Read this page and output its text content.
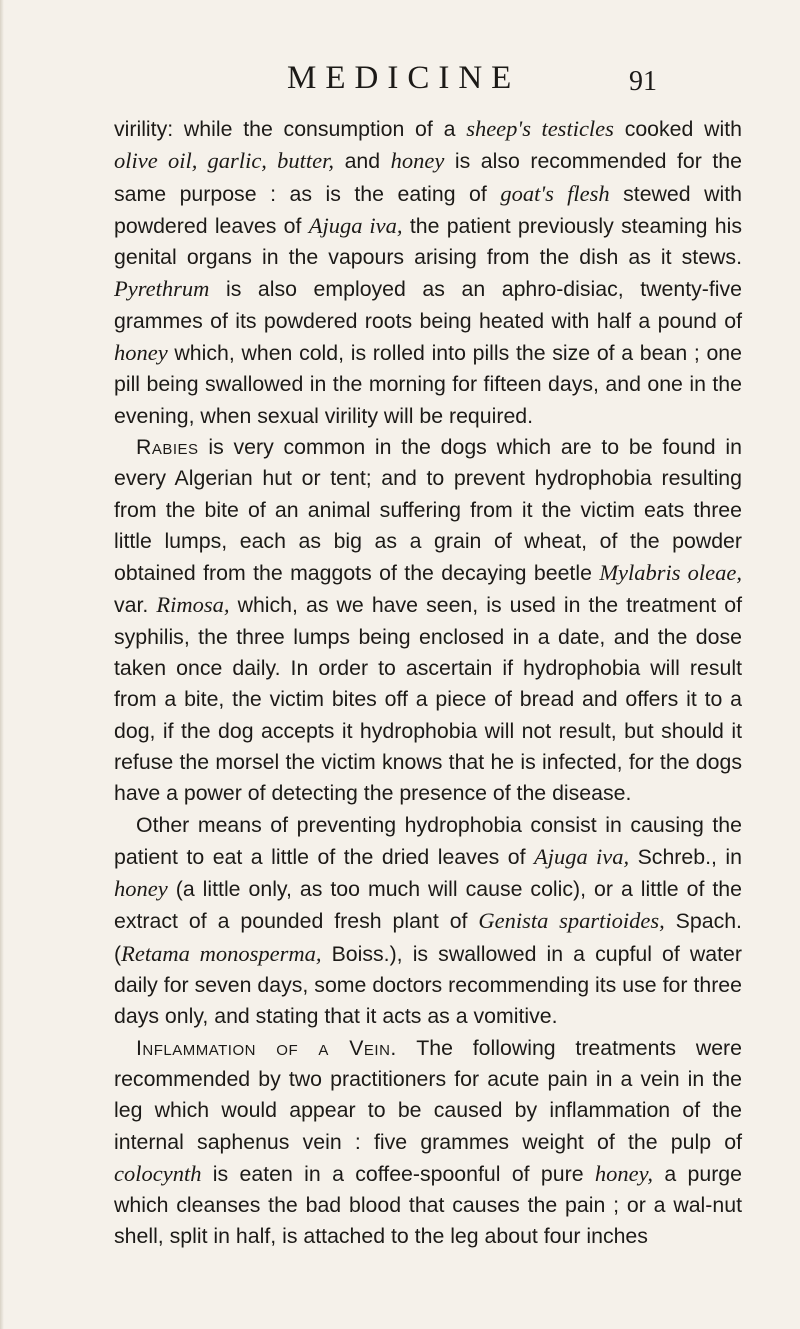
MEDICINE	91

virility: while the consumption of a sheep's testicles cooked with olive oil, garlic, butter, and honey is also recommended for the same purpose : as is the eating of goat's flesh stewed with powdered leaves of Ajuga iva, the patient previously steaming his genital organs in the vapours arising from the dish as it stews. Pyrethrum is also employed as an aphro-disiac, twenty-five grammes of its powdered roots being heated with half a pound of honey which, when cold, is rolled into pills the size of a bean ; one pill being swallowed in the morning for fifteen days, and one in the evening, when sexual virility will be required.

Rabies is very common in the dogs which are to be found in every Algerian hut or tent; and to prevent hydrophobia resulting from the bite of an animal suffering from it the victim eats three little lumps, each as big as a grain of wheat, of the powder obtained from the maggots of the decaying beetle Mylabris oleae, var. Rimosa, which, as we have seen, is used in the treatment of syphilis, the three lumps being enclosed in a date, and the dose taken once daily. In order to ascertain if hydrophobia will result from a bite, the victim bites off a piece of bread and offers it to a dog, if the dog accepts it hydrophobia will not result, but should it refuse the morsel the victim knows that he is infected, for the dogs have a power of detecting the presence of the disease.

Other means of preventing hydrophobia consist in causing the patient to eat a little of the dried leaves of Ajuga iva, Schreb., in honey (a little only, as too much will cause colic), or a little of the extract of a pounded fresh plant of Genista spartioides, Spach. (Retama monosperma, Boiss.), is swallowed in a cupful of water daily for seven days, some doctors recommending its use for three days only, and stating that it acts as a vomitive.

Inflammation of a Vein. The following treatments were recommended by two practitioners for acute pain in a vein in the leg which would appear to be caused by inflammation of the internal saphenus vein : five grammes weight of the pulp of colocynth is eaten in a coffee-spoonful of pure honey, a purge which cleanses the bad blood that causes the pain ; or a wal-nut shell, split in half, is attached to the leg about four inches
